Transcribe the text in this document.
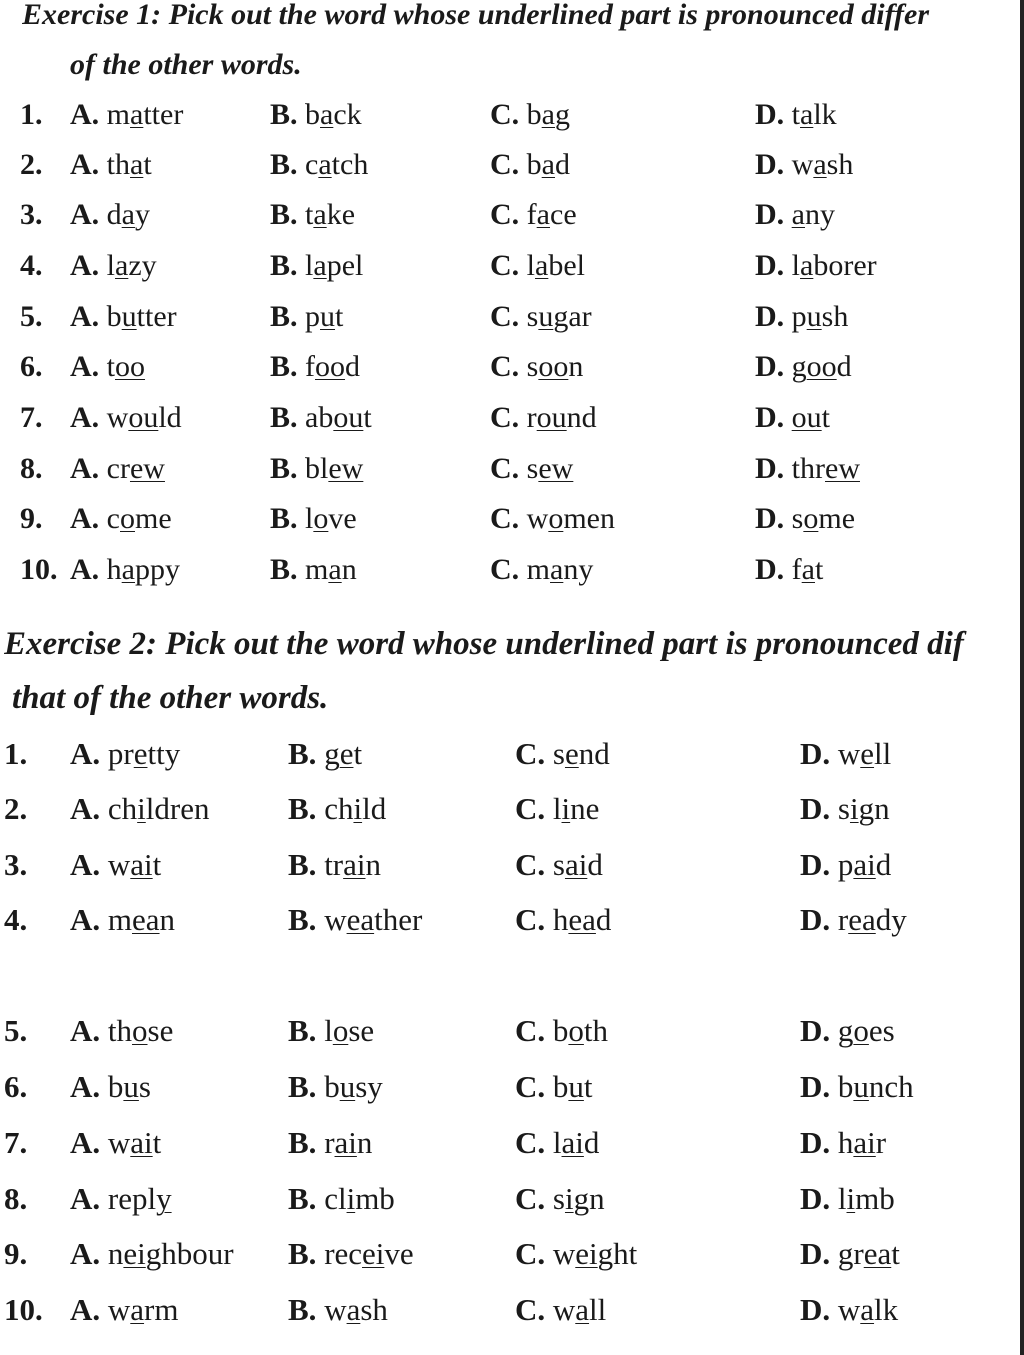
Exercise 1: Pick out the word whose underlined part is pronounced differ
of the other words.
1. A. matter	B. back	C. bag	D. talk
2. A. that	B. catch	C. bad	D. wash
3. A. day	B. take	C. face	D. any
4. A. lazy	B. lapel	C. label	D. laborer
5. A. butter	B. put	C. sugar	D. push
6. A. too	B. food	C. soon	D. good
7. A. would	B. about	C. round	D. out
8. A. crew	B. blew	C. sew	D. threw
9. A. come	B. love	C. women	D. some
10. A. happy	B. man	C. many	D. fat
Exercise 2: Pick out the word whose underlined part is pronounced dif
that of the other words.
1. A. pretty	B. get	C. send	D. well
2. A. children	B. child	C. line	D. sign
3. A. wait	B. train	C. said	D. paid
4. A. mean	B. weather	C. head	D. ready
5. A. those	B. lose	C. both	D. goes
6. A. bus	B. busy	C. but	D. bunch
7. A. wait	B. rain	C. laid	D. hair
8. A. reply	B. climb	C. sign	D. limb
9. A. neighbour B. receive	C. weight	D. great
10. A. warm	B. wash	C. wall	D. walk
